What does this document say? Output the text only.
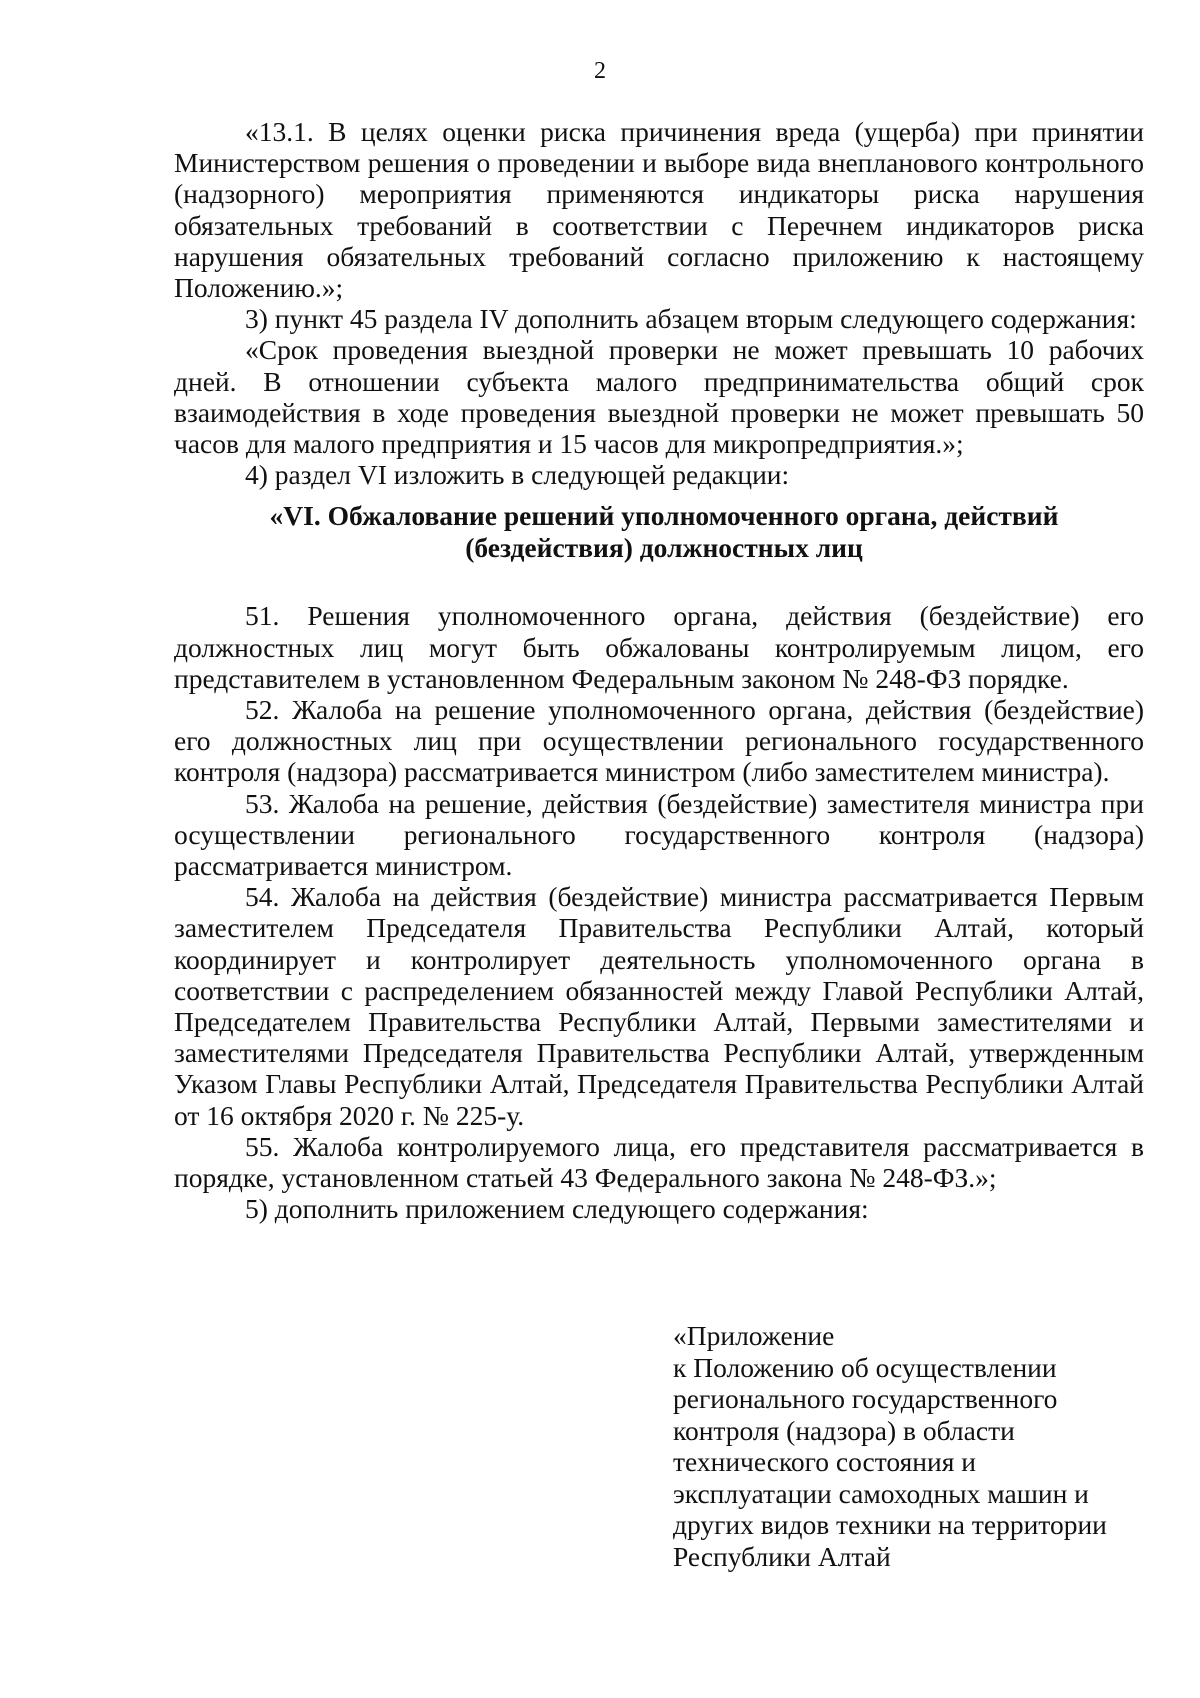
2

«13.1. В целях оценки риска причинения вреда (ущерба) при принятии Министерством решения о проведении и выборе вида внепланового контрольного (надзорного) мероприятия применяются индикаторы риска нарушения обязательных требований в соответствии с Перечнем индикаторов риска нарушения обязательных требований согласно приложению к настоящему Положению.»;

3) пункт 45 раздела IV дополнить абзацем вторым следующего содержания:

«Срок проведения выездной проверки не может превышать 10 рабочих дней. В отношении субъекта малого предпринимательства общий срок взаимодействия в ходе проведения выездной проверки не может превышать 50 часов для малого предприятия и 15 часов для микропредприятия.»;

4) раздел VI изложить в следующей редакции:

«VI. Обжалование решений уполномоченного органа, действий
(бездействия) должностных лиц

51. Решения уполномоченного органа, действия (бездействие) его должностных лиц могут быть обжалованы контролируемым лицом, его представителем в установленном Федеральным законом № 248-ФЗ порядке.

52. Жалоба на решение уполномоченного органа, действия (бездействие) его должностных лиц при осуществлении регионального государственного контроля (надзора) рассматривается министром (либо заместителем министра).

53. Жалоба на решение, действия (бездействие) заместителя министра при осуществлении регионального государственного контроля (надзора) рассматривается министром.

54. Жалоба на действия (бездействие) министра рассматривается Первым заместителем Председателя Правительства Республики Алтай, который координирует и контролирует деятельность уполномоченного органа в соответствии с распределением обязанностей между Главой Республики Алтай, Председателем Правительства Республики Алтай, Первыми заместителями и заместителями Председателя Правительства Республики Алтай, утвержденным Указом Главы Республики Алтай, Председателя Правительства Республики Алтай от 16 октября 2020 г. № 225-у.

55. Жалоба контролируемого лица, его представителя рассматривается в порядке, установленном статьей 43 Федерального закона № 248-ФЗ.»;

5) дополнить приложением следующего содержания:

«Приложение
к Положению об осуществлении
регионального государственного
контроля (надзора) в области
технического состояния и
эксплуатации самоходных машин и
других видов техники на территории
Республики Алтай
